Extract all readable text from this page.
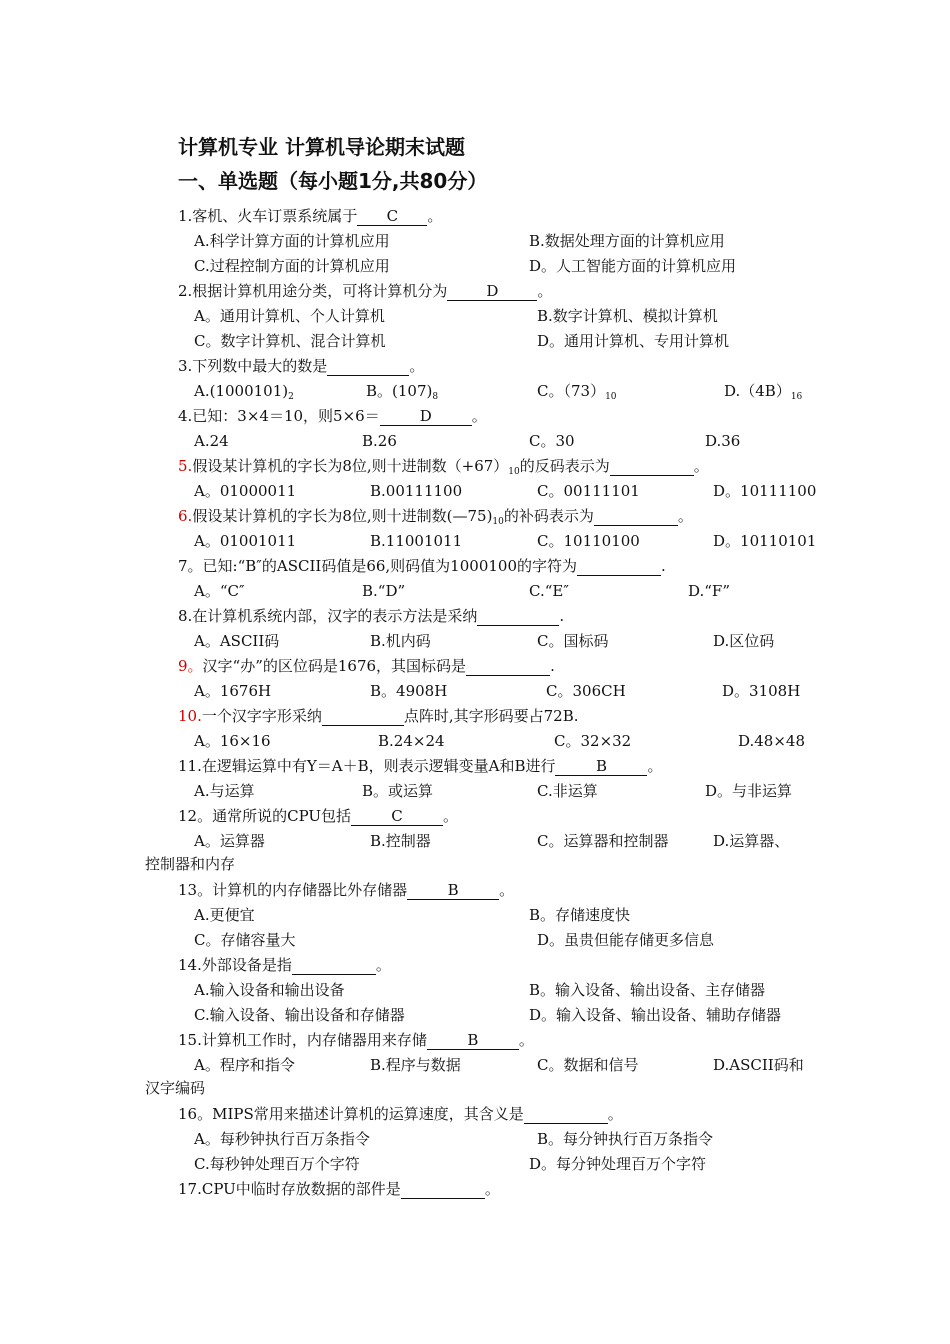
计算机专业 计算机导论期末试题
一、单选题（每小题1分,共80分）
1.客机、火车订票系统属于 C 。
A.科学计算方面的计算机应用	B.数据处理方面的计算机应用
C.过程控制方面的计算机应用	D。人工智能方面的计算机应用
2.根据计算机用途分类，可将计算机分为	D	。
A。通用计算机、个人计算机	B.数字计算机、模拟计算机
C。数字计算机、混合计算机	D。通用计算机、专用计算机
3.下列数中最大的数是	。
$A.(1000101)_2$	B。$(107)_8$	C。$(73)_{10}$	$D.(4B)_{16}$
4.已知：3×4＝10，则5×6＝	D	。
A.24	B.26	C。30	D.36
5.假设某计算机的字长为8位,则十进制数$(+67)_{10}$的反码表示为	。
A。01000011	B.00111100	C。00111101	D。10111100
6.假设某计算机的字长为8位,则十进制数$(—75)_{10}$的补码表示为	。
A。01001011	B.11001011	C。10110100	D。10110101
7。已知:“B″的ASCII码值是66,则码值为1000100的字符为	.
A。“C″	B.“D”	C.“E″	D.“F”
8.在计算机系统内部，汉字的表示方法是采纳	.
A。ASCII码	B.机内码	C。国标码	D.区位码
9。汉字“办”的区位码是1676，其国标码是	.
A。1676H	B。4908H	C。306CH	D。3108H
10.一个汉字字形采纳	点阵时,其字形码要占72B.
A。16×16	B.24×24	C。32×32	D.48×48
11.在逻辑运算中有Y＝A＋B，则表示逻辑变量A和B进行	B	。
A.与运算	B。或运算	C.非运算	D。与非运算
12。通常所说的CPU包括	C	。
A。运算器	B.控制器	C。运算器和控制器	D.运算器、
控制器和内存
13。计算机的内存储器比外存储器	B	。
A.更便宜	B。存储速度快
C。存储容量大	D。虽贵但能存储更多信息
14.外部设备是指	。
A.输入设备和输出设备	B。输入设备、输出设备、主存储器
C.输入设备、输出设备和存储器	D。输入设备、输出设备、辅助存储器
15.计算机工作时，内存储器用来存储	B	。
A。程序和指令	B.程序与数据	C。数据和信号	D.ASCII码和
汉字编码
16。MIPS常用来描述计算机的运算速度，其含义是	。
A。每秒钟执行百万条指令	B。每分钟执行百万条指令
C.每秒钟处理百万个字符	D。每分钟处理百万个字符
17.CPU中临时存放数据的部件是	。
